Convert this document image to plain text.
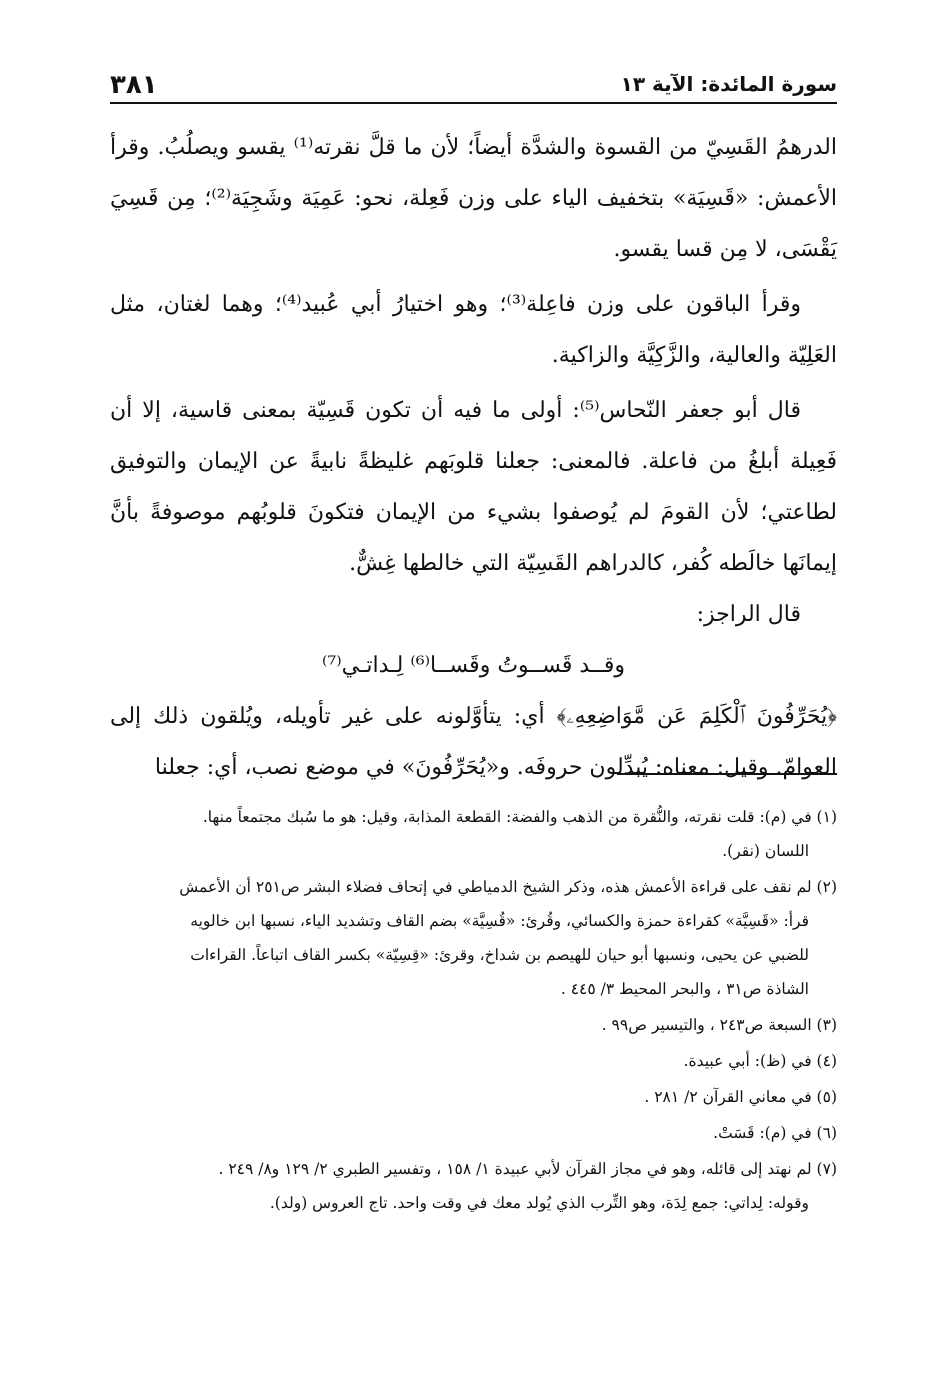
سورة المائدة: الآية ١٣
٣٨١

الدرهمُ القَسِيّ من القسوة والشدَّة أيضاً؛ لأن ما قلَّ نقرته⁽¹⁾ يقسو ويصلُبُ. وقرأ الأعمش: «قَسِيَة» بتخفيف الياء على وزن فَعِلة، نحو: عَمِيَة وشَجِيَة⁽²⁾؛ مِن قَسِيَ يَقْسَى، لا مِن قسا يقسو.

وقرأ الباقون على وزن فاعِلة⁽³⁾؛ وهو اختيارُ أبي عُبيد⁽⁴⁾؛ وهما لغتان، مثل العَلِيّة والعالية، والزَّكِيَّة والزاكية.

قال أبو جعفر النّحاس⁽⁵⁾: أولى ما فيه أن تكون قَسِيّة بمعنى قاسية، إلا أن فَعِيلة أبلغُ من فاعلة. فالمعنى: جعلنا قلوبَهم غليظةً نابيةً عن الإيمان والتوفيق لطاعتي؛ لأن القومَ لم يُوصفوا بشيء من الإيمان فتكونَ قلوبُهم موصوفةً بأنَّ إيمانَها خالَطه كُفر، كالدراهم القَسِيّة التي خالطها غِشٌّ.

قال الراجز:

وقــد قَســوتُ وقَســا⁽⁶⁾ لِـداتـي⁽⁷⁾

﴿يُحَرِّفُونَ ٱلْكَلِمَ عَن مَّوَاضِعِهِۦ﴾ أي: يتأوَّلونه على غير تأويله، ويُلقون ذلك إلى العوامّ. وقيل: معناه: يُبدِّلون حروفَه. و«يُحَرِّفُونَ» في موضع نصب، أي: جعلنا

(١) في (م): قلت نقرته، والنُّقرة من الذهب والفضة: القطعة المذابة، وقيل: هو ما سُبك مجتمعاً منها.
اللسان (نقر).
(٢) لم نقف على قراءة الأعمش هذه، وذكر الشيخ الدمياطي في إتحاف فضلاء البشر ص٢٥١ أن الأعمش
قرأ: «قَسِيَّة» كقراءة حمزة والكسائي، وقُرئ: «قُسِيَّة» بضم القاف وتشديد الياء، نسبها ابن خالويه
للضبي عن يحيى، ونسبها أبو حيان للهيصم بن شداخ، وقرئ: «قِسِيّة» بكسر القاف اتباعاً. القراءات
الشاذة ص٣١ ، والبحر المحيط ٣/ ٤٤٥ .
(٣) السبعة ص٢٤٣ ، والتيسير ص٩٩ .
(٤) في (ظ): أبي عبيدة.
(٥) في معاني القرآن ٢/ ٢٨١ .
(٦) في (م): قَسَتْ.
(٧) لم نهتد إلى قائله، وهو في مجاز القرآن لأبي عبيدة ١/ ١٥٨ ، وتفسير الطبري ٢/ ١٢٩ و٨/ ٢٤٩ .
وقوله: لِداتي: جمع لِدَة، وهو التِّرب الذي يُولد معك في وقت واحد. تاج العروس (ولد).
